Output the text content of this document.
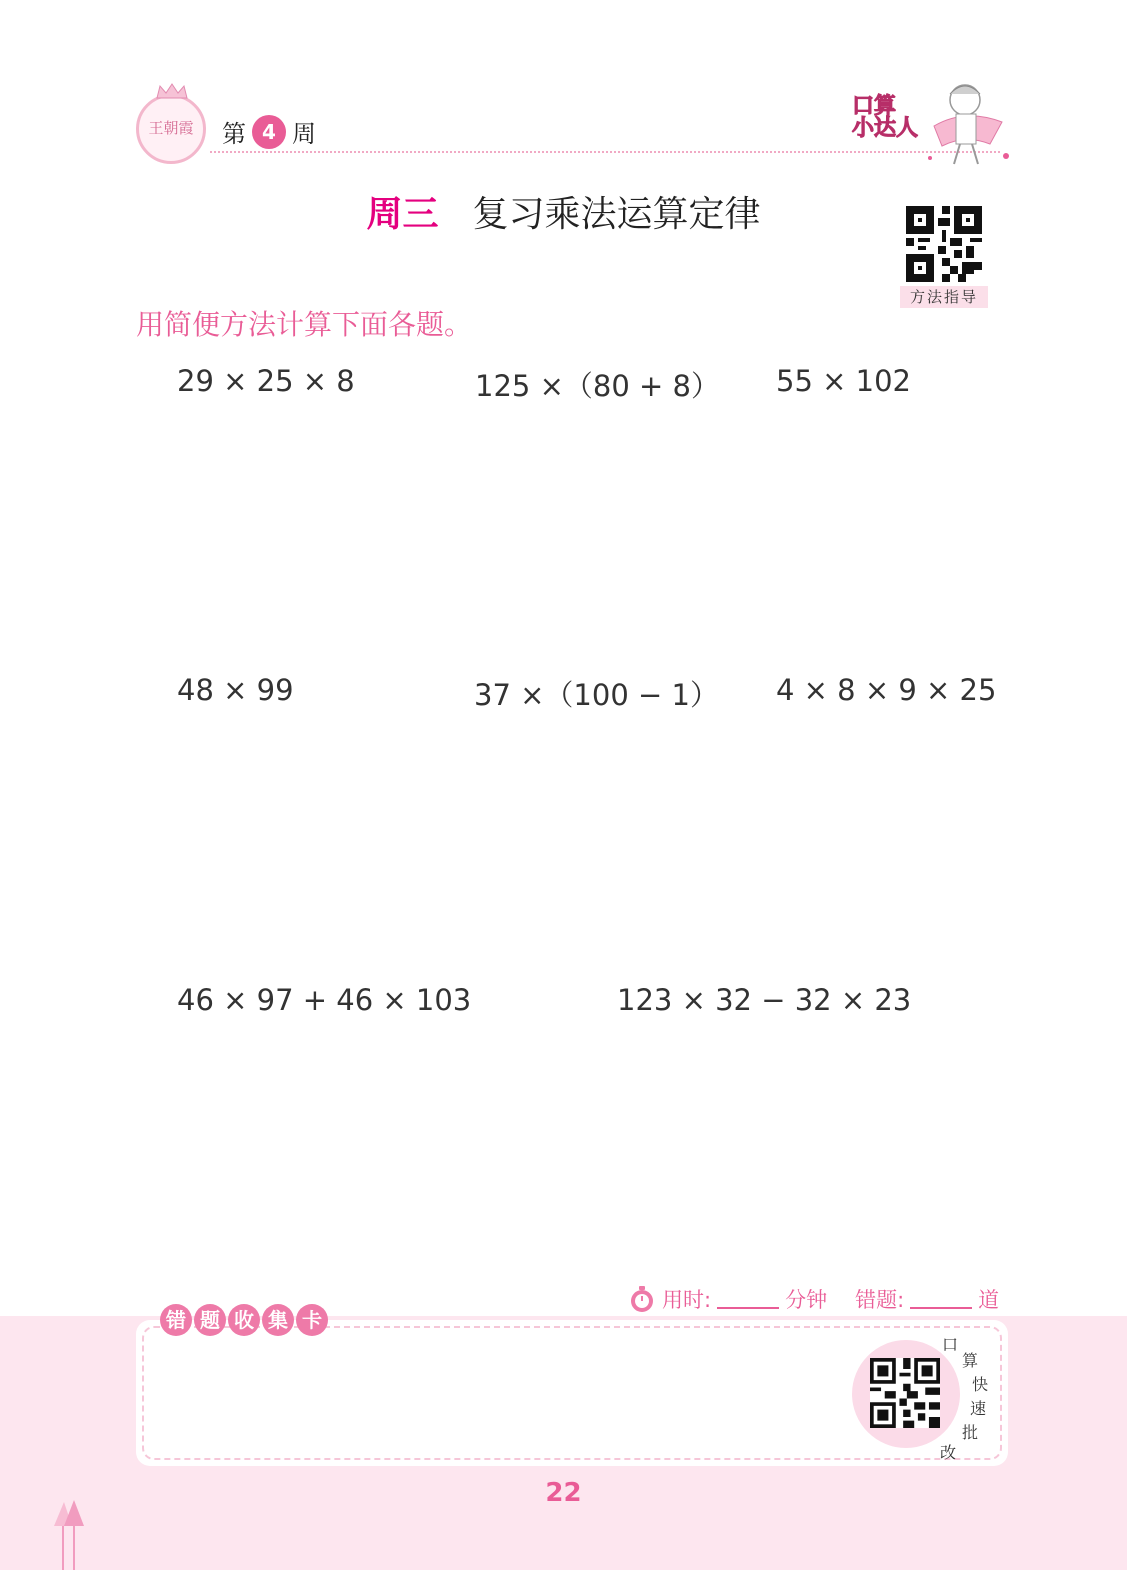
王朝霞	第 4 周
口算
小达人
周三 复习乘法运算定律
方法指导
用简便方法计算下面各题。
29 × 25 × 8	125 ×（80 + 8） 55 × 102
48 × 99	37 ×（100 − 1） 4 × 8 × 9 × 25
46 × 97 + 46 × 103	123 × 32 − 32 × 23
用时:	分钟 错题:	道
错 题 收 集 卡
口
算
快
速
批
改
22
